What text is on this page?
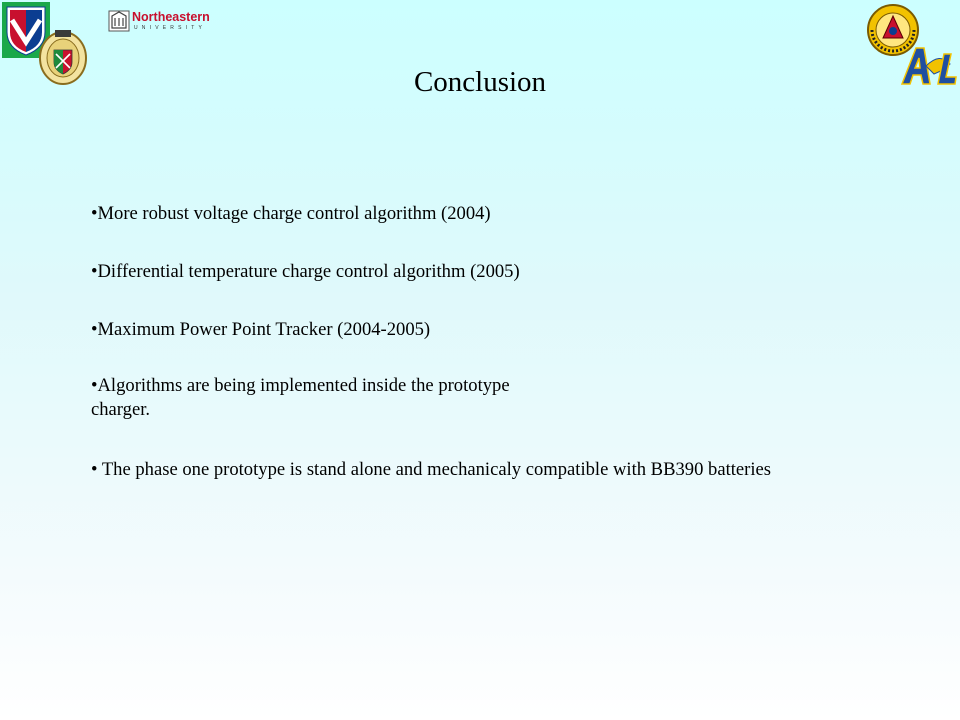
Northeastern
UNIVERSITY
Conclusion
•More robust voltage charge control algorithm (2004)
•Differential temperature charge control algorithm (2005)
•Maximum Power Point Tracker (2004-2005)
•Algorithms are being implemented inside the prototype charger.
• The phase one prototype is stand alone and mechanicaly compatible with BB390 batteries
